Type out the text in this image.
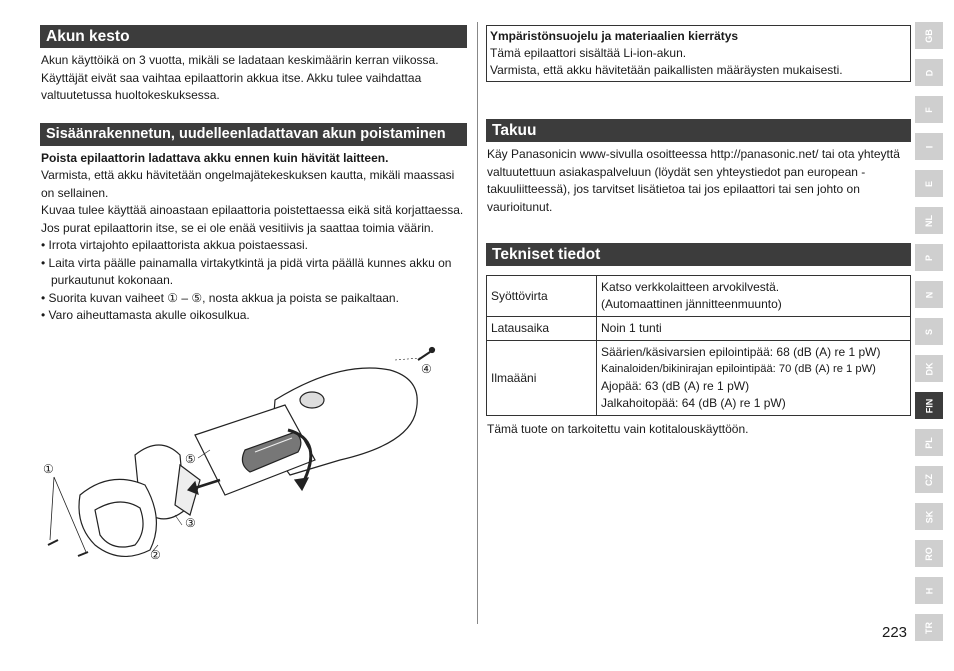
Akun kesto
Akun käyttöikä on 3 vuotta, mikäli se ladataan keskimäärin kerran viikossa. Käyttäjät eivät saa vaihtaa epilaattorin akkua itse. Akku tulee vaihdattaa valtuutetussa huoltokeskuksessa.
Sisäänrakennetun, uudelleenladattavan akun poistaminen
Poista epilaattorin ladattava akku ennen kuin hävität laitteen.
Varmista, että akku hävitetään ongelmajätekeskuksen kautta, mikäli maassasi on sellainen.
Kuvaa tulee käyttää ainoastaan epilaattoria poistettaessa eikä sitä korjattaessa. Jos purat epilaattorin itse, se ei ole enää vesitiivis ja saattaa toimia väärin.
• Irrota virtajohto epilaattorista akkua poistaessasi.
• Laita virta päälle painamalla virtakytkintä ja pidä virta päällä kunnes akku on purkautunut kokonaan.
• Suorita kuvan vaiheet ① – ⑤, nosta akkua ja poista se paikaltaan.
• Varo aiheuttamasta akulle oikosulkua.
①
②
③
④
⑤
Ympäristönsuojelu ja materiaalien kierrätys
Tämä epilaattori sisältää Li-ion-akun.
Varmista, että akku hävitetään paikallisten määräysten mukaisesti.
Takuu
Käy Panasonicin www-sivulla osoitteessa http://panasonic.net/ tai ota yhteyttä valtuutettuun asiakaspalveluun (löydät sen yhteystiedot pan european -takuuliitteessä), jos tarvitset lisätietoa tai jos epilaattori tai sen johto on vaurioitunut.
Tekniset tiedot
Syöttövirta	Katso verkkolaitteen arvokilvestä.
(Automaattinen jännitteenmuunto)

Latausaika	Noin 1 tunti
Ilmaääni	Säärien/käsivarsien epilointipää: 68 (dB (A) re 1 pW)
Kainaloiden/bikinirajan epilointipää: 70 (dB (A) re 1 pW)
Ajopää: 63 (dB (A) re 1 pW)
Jalkahoitopää: 64 (dB (A) re 1 pW)
Tämä tuote on tarkoitettu vain kotitalouskäyttöön.
GB
D
F
I
E
NL
P
N
S
DK
FIN
PL
CZ
SK
RO
H
TR
223
